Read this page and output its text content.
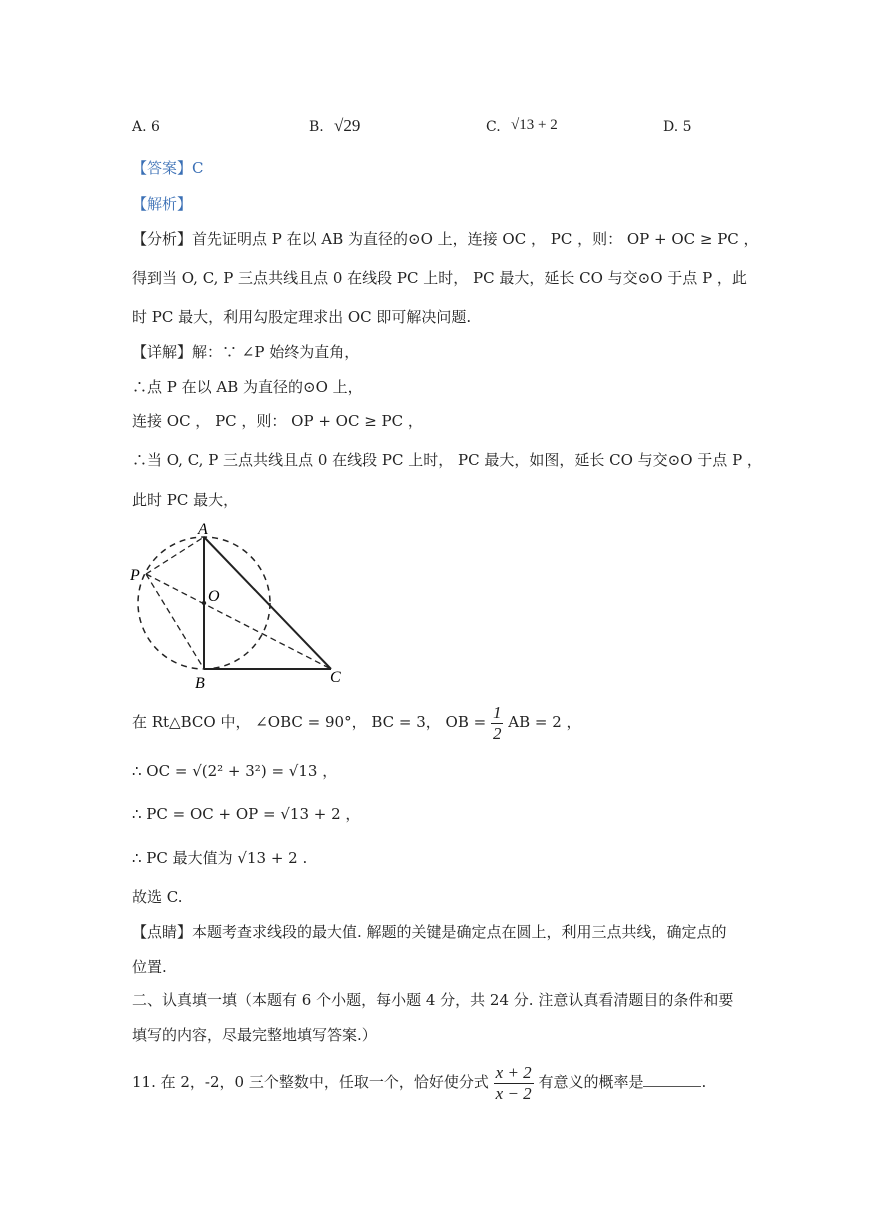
A. 6	B. √29	C. √13 + 2	D. 5
【答案】C
【解析】
【分析】首先证明点 P 在以 AB 为直径的⊙O 上，连接 OC ， PC ，则： OP + OC ≥ PC ，
得到当 O, C, P 三点共线且点 0 在线段 PC 上时， PC 最大，延长 CO 与交⊙O 于点 P ，此
时 PC 最大，利用勾股定理求出 OC 即可解决问题.
【详解】解：∵ ∠P 始终为直角，
∴点 P 在以 AB 为直径的⊙O 上，
连接 OC ， PC ，则： OP + OC ≥ PC ，
∴当 O, C, P 三点共线且点 0 在线段 PC 上时， PC 最大，如图，延长 CO 与交⊙O 于点 P ，
此时 PC 最大，
A
B	C
O
P
在 Rt△BCO 中， ∠OBC = 90°， BC = 3， OB = $\frac{1}{2}$ AB = 2 ，
∴ OC = √(2² + 3²) = √13 ，
∴ PC = OC + OP = √13 + 2 ，
∴ PC 最大值为 √13 + 2 .
故选 C.
【点睛】本题考查求线段的最大值. 解题的关键是确定点在圆上，利用三点共线，确定点的
位置.
二、认真填一填（本题有 6 个小题，每小题 4 分，共 24 分. 注意认真看清题目的条件和要
填写的内容，尽最完整地填写答案.）
11. 在 2，-2，0 三个整数中，任取一个，恰好使分式 $\frac{x + 2}{x - 2}$ 有意义的概率是	.
